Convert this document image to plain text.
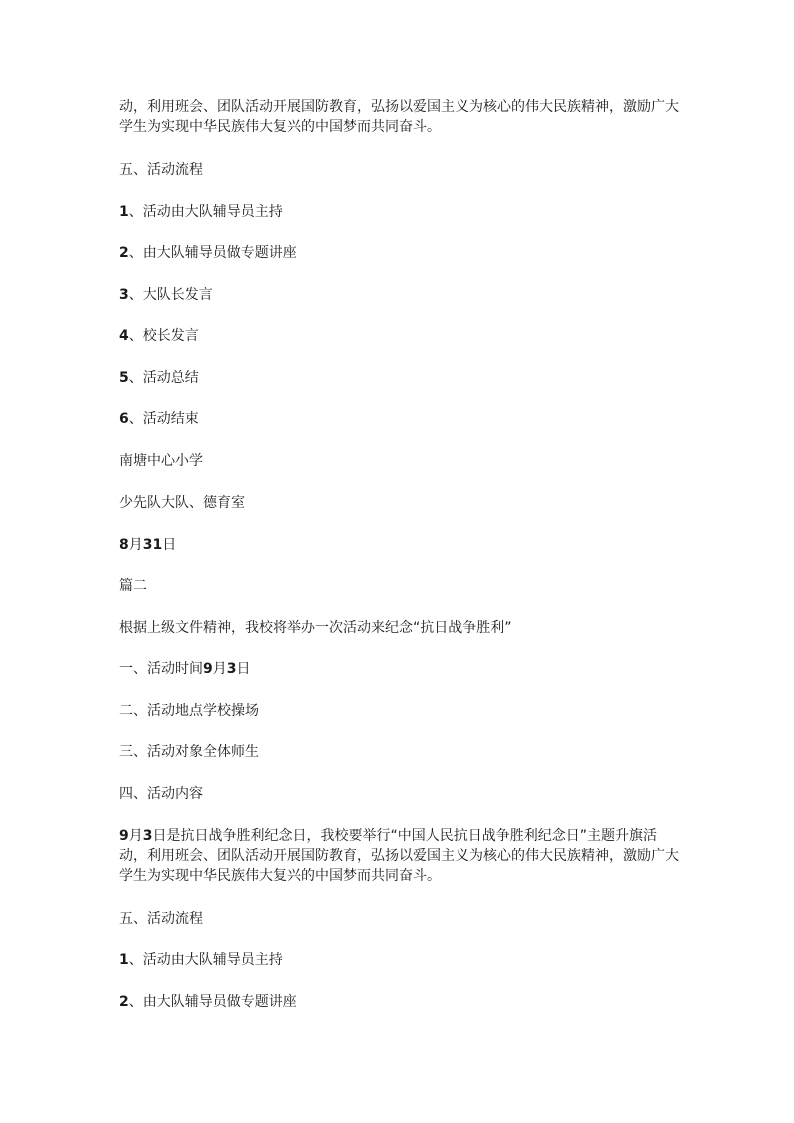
动，利用班会、团队活动开展国防教育，弘扬以爱国主义为核心的伟大民族精神，激励广大
学生为实现中华民族伟大复兴的中国梦而共同奋斗。
五、活动流程
1、活动由大队辅导员主持
2、由大队辅导员做专题讲座
3、大队长发言
4、校长发言
5、活动总结
6、活动结束
南塘中心小学
少先队大队、德育室
8月31日
篇二
根据上级文件精神，我校将举办一次活动来纪念“抗日战争胜利”
一、活动时间9月3日
二、活动地点学校操场
三、活动对象全体师生
四、活动内容
9月3日是抗日战争胜利纪念日，我校要举行“中国人民抗日战争胜利纪念日”主题升旗活
动，利用班会、团队活动开展国防教育，弘扬以爱国主义为核心的伟大民族精神，激励广大
学生为实现中华民族伟大复兴的中国梦而共同奋斗。
五、活动流程
1、活动由大队辅导员主持
2、由大队辅导员做专题讲座
